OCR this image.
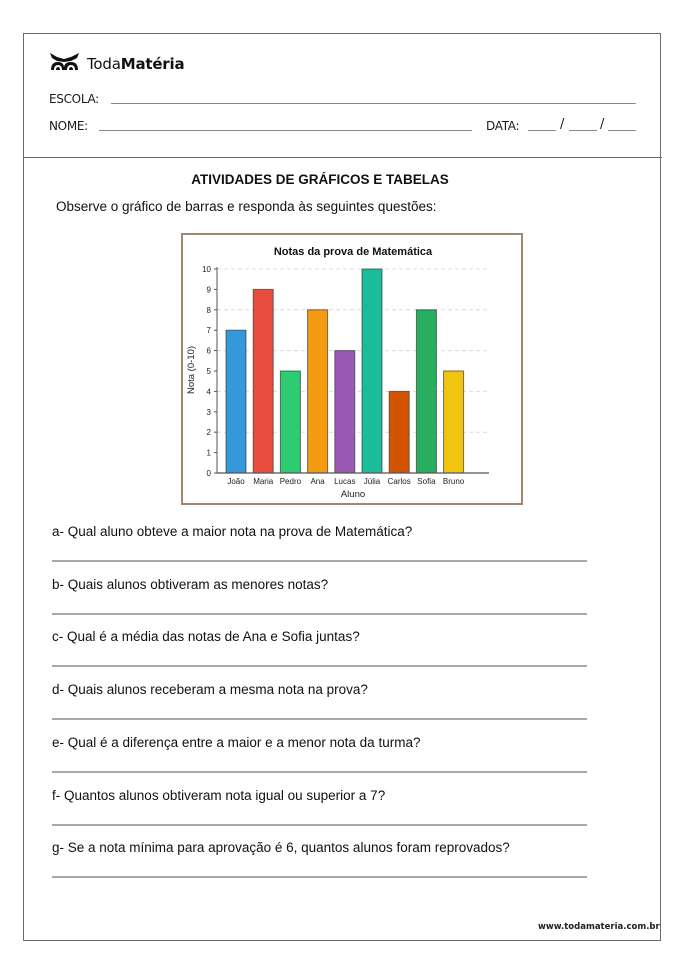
TodaMatéria
ESCOLA:
NOME:	DATA:	/	/
ATIVIDADES DE GRÁFICOS E TABELAS
Observe o gráfico de barras e responda às seguintes questões:
Notas da prova de Matemática
0
1
2
3
4
5
6
7
8
9
10
João Maria Pedro Ana Lucas Júlia Carlos Sofia Bruno
Aluno
Nota (0-10)
a- Qual aluno obteve a maior nota na prova de Matemática?
b- Quais alunos obtiveram as menores notas?
c- Qual é a média das notas de Ana e Sofia juntas?
d- Quais alunos receberam a mesma nota na prova?
e- Qual é a diferença entre a maior e a menor nota da turma?
f- Quantos alunos obtiveram nota igual ou superior a 7?
g- Se a nota mínima para aprovação é 6, quantos alunos foram reprovados?
www.todamateria.com.br
